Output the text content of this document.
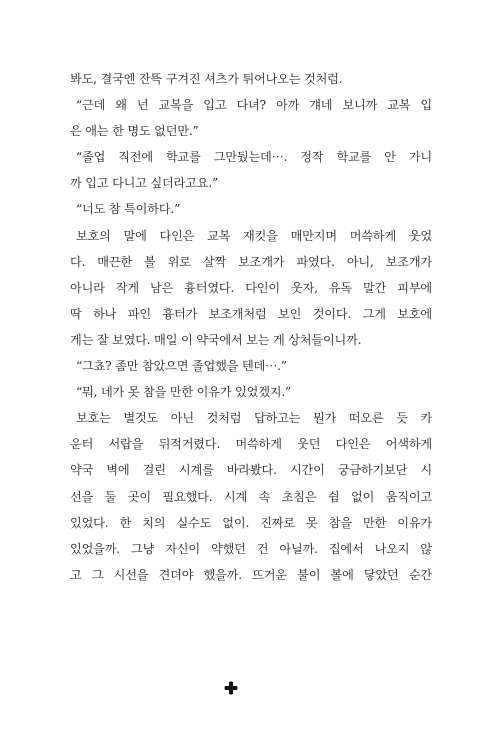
봐도, 결국엔 잔뜩 구겨진 셔츠가 튀어나오는 것처럼.
“근데 왜 넌 교복을 입고 다녀? 아까 걔네 보니까 교복 입
은 애는 한 명도 없던만.”
“졸업 직전에 학교를 그만뒀는데⋯. 정작 학교를 안 가니
까 입고 다니고 싶더라고요.”
“너도 참 특이하다.”
보호의 말에 다인은 교복 재킷을 매만지며 머쓱하게 웃었
다. 매끈한 볼 위로 살짝 보조개가 파였다. 아니, 보조개가
아니라 작게 남은 흉터였다. 다인이 웃자, 유독 말간 피부에
딱 하나 파인 흉터가 보조개처럼 보인 것이다. 그게 보호에
게는 잘 보였다. 매일 이 약국에서 보는 게 상처들이니까.
“그쵸? 좀만 참았으면 졸업했을 텐데⋯.”
“뭐, 네가 못 참을 만한 이유가 있었겠지.”
보호는 별것도 아닌 것처럼 답하고는 뭔가 떠오른 듯 카
운터 서랍을 뒤적거렸다. 머쓱하게 웃던 다인은 어색하게
약국 벽에 걸린 시계를 바라봤다. 시간이 궁금하기보단 시
선을 둘 곳이 필요했다. 시계 속 초침은 쉼 없이 움직이고
있었다. 한 치의 실수도 없이. 진짜로 못 참을 만한 이유가
있었을까. 그냥 자신이 약했던 건 아닐까. 집에서 나오지 않
고 그 시선을 견뎌야 했을까. 뜨거운 불이 볼에 닿았던 순간
